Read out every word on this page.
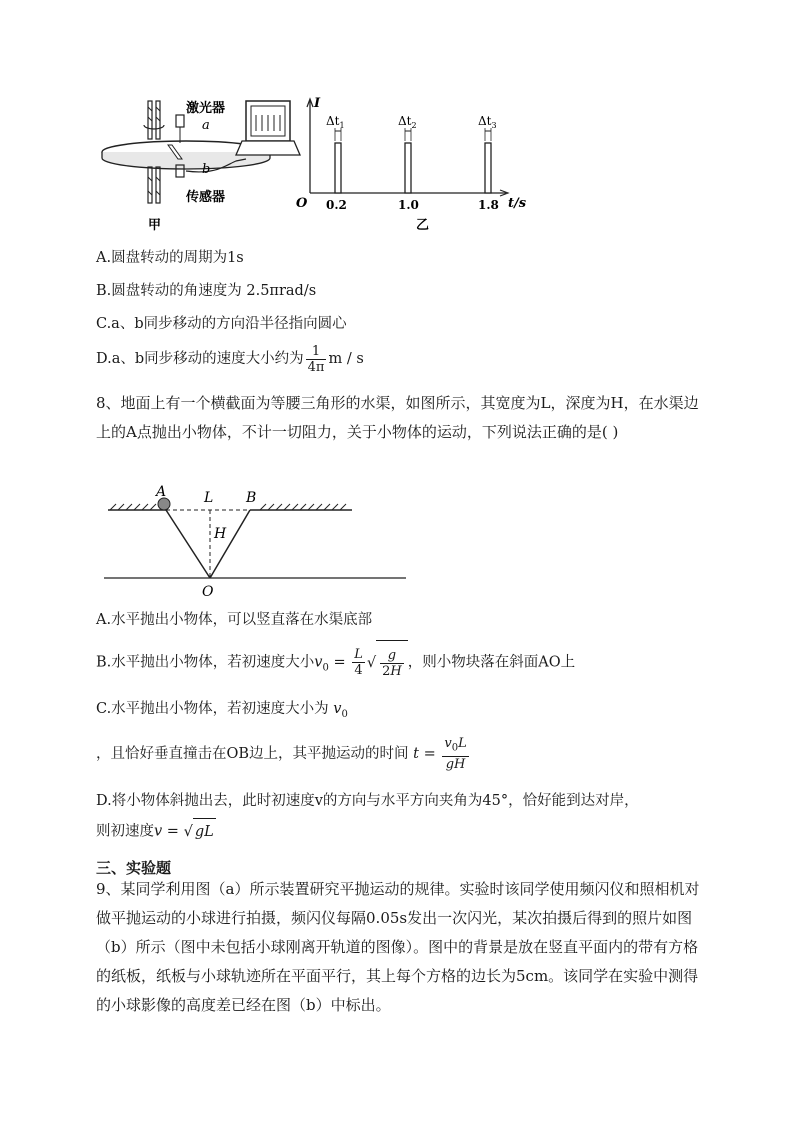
激光器
a
b
传感器
甲
I
O	t/s
$\Delta t_1$
0.2
$\Delta t_2$
1.0
$\Delta t_3$
1.8
乙
A.圆盘转动的周期为1s
B.圆盘转动的角速度为 2.5πrad/s
C.a、b同步移动的方向沿半径指向圆心
D.a、b同步移动的速度大小约为 $\frac{1}{4\pi}$ m / s
8、地面上有一个横截面为等腰三角形的水渠，如图所示，其宽度为L，深度为H，在水渠边上的A点抛出小物体，不计一切阻力，关于小物体的运动，下列说法正确的是( )
A	L B
H
O
A.水平抛出小物体，可以竖直落在水渠底部
B.水平抛出小物体，若初速度大小$v_0 = \frac{L}{4}$ √ $\frac{g}{2H}$ ，则小物块落在斜面AO上
C.水平抛出小物体，若初速度大小为 $v_0$
，且恰好垂直撞击在OB边上，其平抛运动的时间 $t = \frac{v_0L}{gH}$
D.将小物体斜抛出去，此时初速度v的方向与水平方向夹角为45°，恰好能到达对岸，
则初速度v = √ gL
三、实验题
9、某同学利用图（a）所示装置研究平抛运动的规律。实验时该同学使用频闪仪和照相机对做平抛运动的小球进行拍摄，频闪仪每隔0.05s发出一次闪光，某次拍摄后得到的照片如图（b）所示（图中未包括小球刚离开轨道的图像）。图中的背景是放在竖直平面内的带有方格的纸板，纸板与小球轨迹所在平面平行，其上每个方格的边长为5cm。该同学在实验中测得的小球影像的高度差已经在图（b）中标出。
